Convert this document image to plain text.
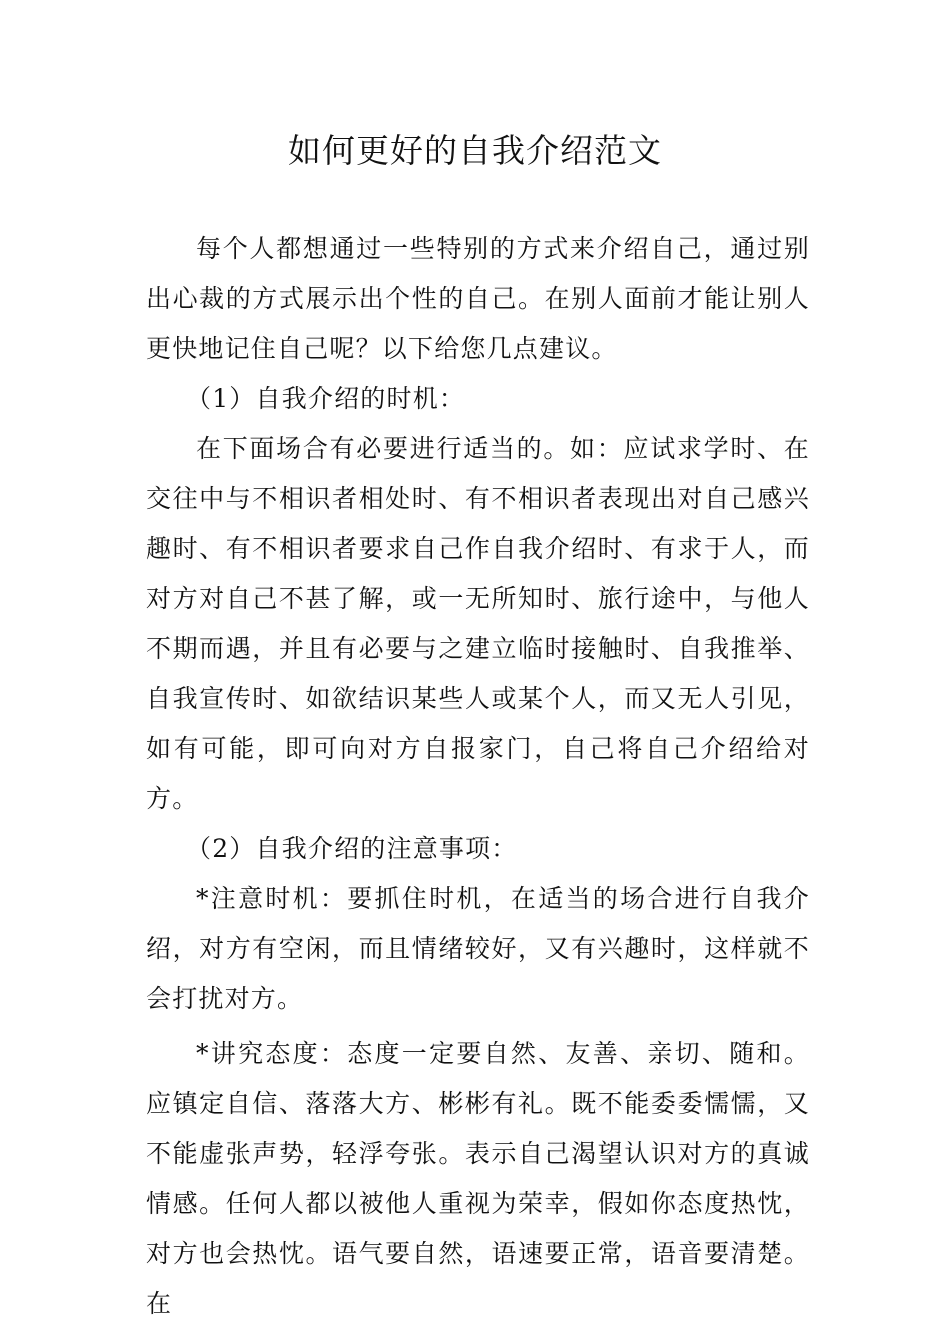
如何更好的自我介绍范文

每个人都想通过一些特别的方式来介绍自己，通过别出心裁的方式展示出个性的自己。在别人面前才能让别人更快地记住自己呢？以下给您几点建议。

（1）自我介绍的时机：

在下面场合有必要进行适当的。如：应试求学时、在交往中与不相识者相处时、有不相识者表现出对自己感兴趣时、有不相识者要求自己作自我介绍时、有求于人，而对方对自己不甚了解，或一无所知时、旅行途中，与他人不期而遇，并且有必要与之建立临时接触时、自我推举、自我宣传时、如欲结识某些人或某个人，而又无人引见，如有可能，即可向对方自报家门，自己将自己介绍给对方。

（2）自我介绍的注意事项：

*注意时机：要抓住时机，在适当的场合进行自我介绍，对方有空闲，而且情绪较好，又有兴趣时，这样就不会打扰对方。

*讲究态度：态度一定要自然、友善、亲切、随和。应镇定自信、落落大方、彬彬有礼。既不能委委懦懦，又不能虚张声势，轻浮夸张。表示自己渴望认识对方的真诚情感。任何人都以被他人重视为荣幸，假如你态度热忱，对方也会热忱。语气要自然，语速要正常，语音要清楚。在
